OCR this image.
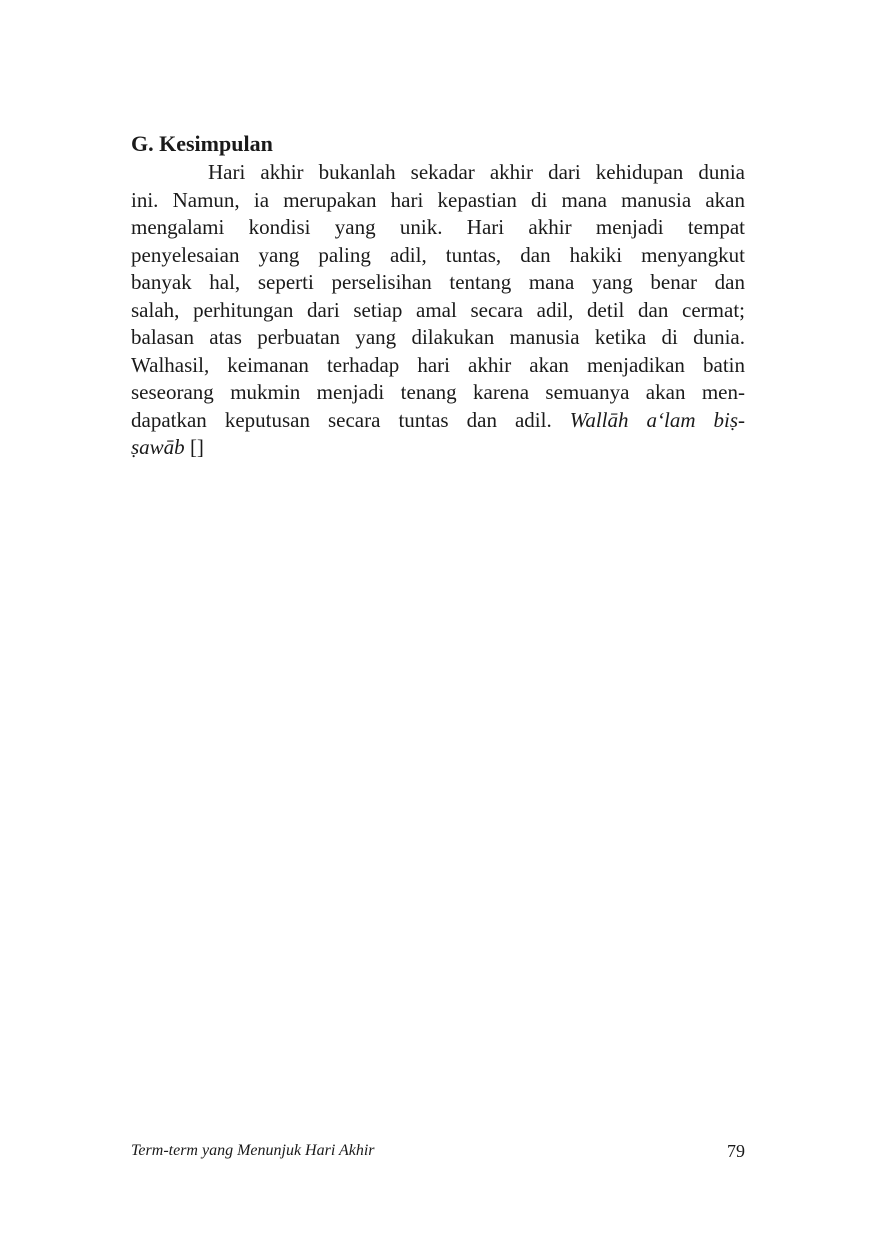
G. Kesimpulan
Hari akhir bukanlah sekadar akhir dari kehidupan dunia
ini. Namun, ia merupakan hari kepastian di mana manusia akan
mengalami kondisi yang unik. Hari akhir menjadi tempat
penyelesaian yang paling adil, tuntas, dan hakiki menyangkut
banyak hal, seperti perselisihan tentang mana yang benar dan
salah, perhitungan dari setiap amal secara adil, detil dan cermat;
balasan atas perbuatan yang dilakukan manusia ketika di dunia.
Walhasil, keimanan terhadap hari akhir akan menjadikan batin
seseorang mukmin menjadi tenang karena semuanya akan men-
dapatkan keputusan secara tuntas dan adil. Wallāh a‘lam biṣ-
ṣawāb []
Term-term yang Menunjuk Hari Akhir	79
